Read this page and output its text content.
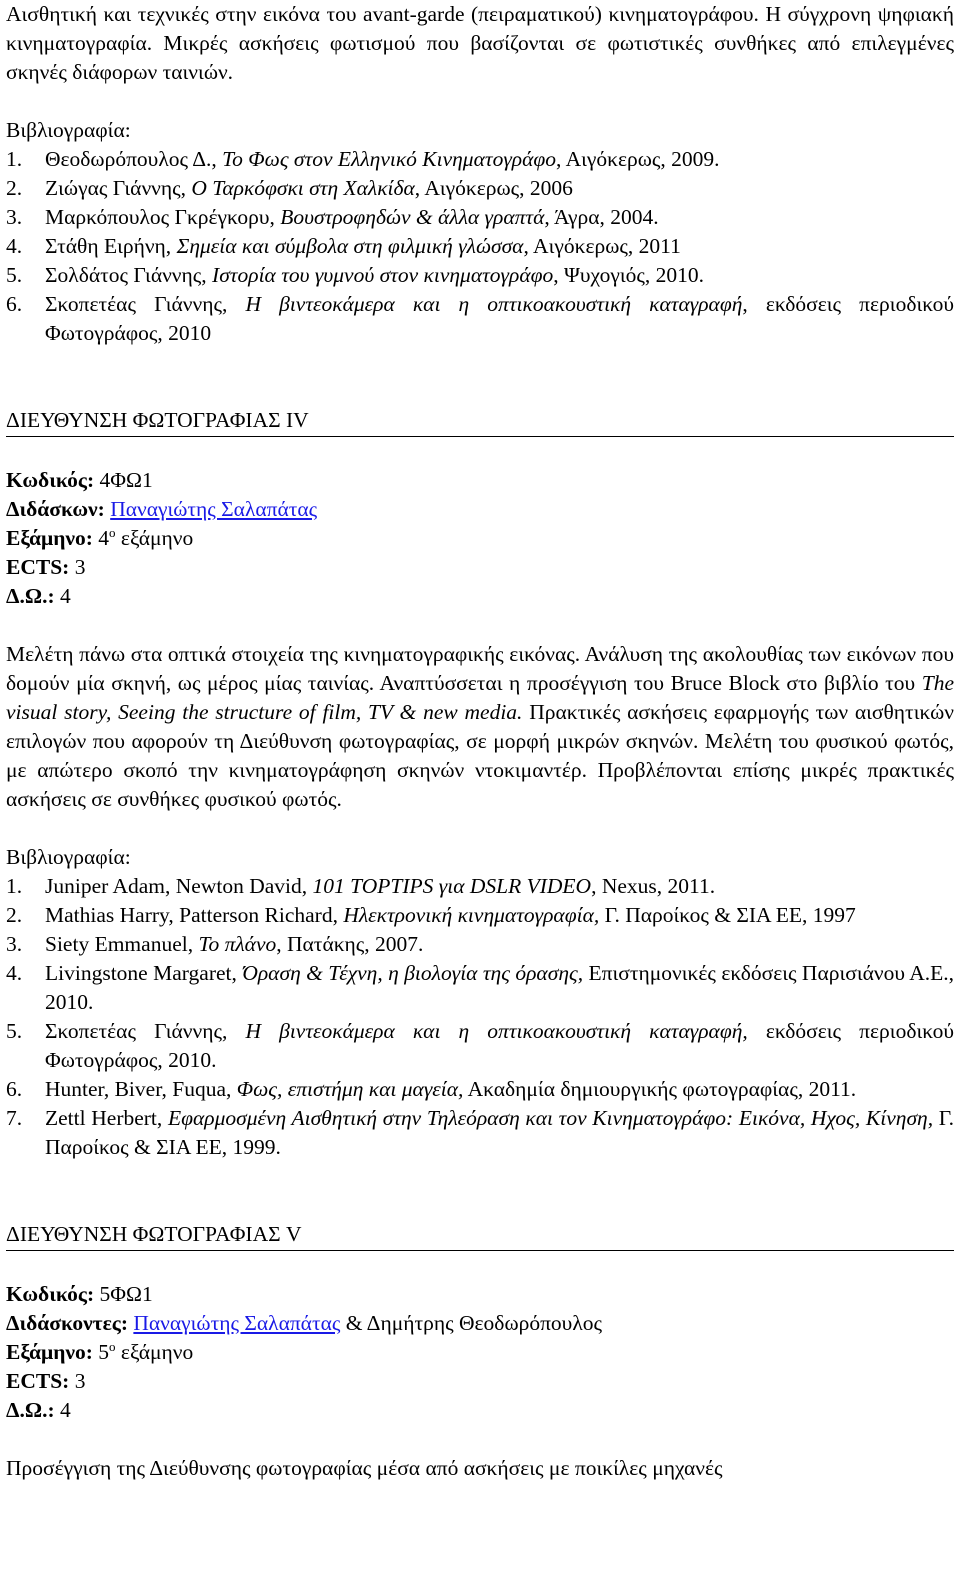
Αισθητική και τεχνικές στην εικόνα του avant-garde (πειραματικού) κινηματογράφου. Η σύγχρονη ψηφιακή κινηματογραφία. Μικρές ασκήσεις φωτισμού που βασίζονται σε φωτιστικές συνθήκες από επιλεγμένες σκηνές διάφορων ταινιών.

Βιβλιογραφία:

1.	Θεοδωρόπουλος Δ., Το Φως στον Ελληνικό Κινηματογράφο, Αιγόκερως, 2009.
2.	Ζιώγας Γιάννης, Ο Ταρκόφσκι στη Χαλκίδα, Αιγόκερως, 2006
3.	Μαρκόπουλος Γκρέγκορυ, Βουστροφηδών & άλλα γραπτά, Άγρα, 2004.
4.	Στάθη Ειρήνη, Σημεία και σύμβολα στη φιλμική γλώσσα, Αιγόκερως, 2011
5.	Σολδάτος Γιάννης, Ιστορία του γυμνού στον κινηματογράφο, Ψυχογιός, 2010.
6.	Σκοπετέας Γιάννης, Η βιντεοκάμερα και η οπτικοακουστική καταγραφή, εκδόσεις περιοδικού Φωτογράφος, 2010

ΔΙΕΥΘΥΝΣΗ ΦΩΤΟΓΡΑΦΙΑΣ IV

Κωδικός: 4ΦΩ1

Διδάσκων: Παναγιώτης Σαλαπάτας

Εξάμηνο: $4^o$ εξάμηνο

ECTS: 3

Δ.Ω.: 4

Μελέτη πάνω στα οπτικά στοιχεία της κινηματογραφικής εικόνας. Ανάλυση της ακολουθίας των εικόνων που δομούν μία σκηνή, ως μέρος μίας ταινίας. Αναπτύσσεται η προσέγγιση του Bruce Block στο βιβλίο του The visual story, Seeing the structure of film, TV & new media. Πρακτικές ασκήσεις εφαρμογής των αισθητικών επιλογών που αφορούν τη Διεύθυνση φωτογραφίας, σε μορφή μικρών σκηνών. Μελέτη του φυσικού φωτός, με απώτερο σκοπό την κινηματογράφηση σκηνών ντοκιμαντέρ. Προβλέπονται επίσης μικρές πρακτικές ασκήσεις σε συνθήκες φυσικού φωτός.

Βιβλιογραφία:

1.	Juniper Adam, Newton David, 101 TOPTIPS για DSLR VIDEO, Nexus, 2011.
2.	Mathias Harry, Patterson Richard, Ηλεκτρονική κινηματογραφία, Γ. Παροίκος & ΣΙΑ ΕΕ, 1997
3.	Siety Emmanuel, Το πλάνο, Πατάκης, 2007.
4.	Livingstone Margaret, Όραση & Τέχνη, η βιολογία της όρασης, Επιστημονικές εκδόσεις Παρισιάνου Α.Ε., 2010.
5.	Σκοπετέας Γιάννης, Η βιντεοκάμερα και η οπτικοακουστική καταγραφή, εκδόσεις περιοδικού Φωτογράφος, 2010.
6.	Hunter, Biver, Fuqua, Φως, επιστήμη και μαγεία, Ακαδημία δημιουργικής φωτογραφίας, 2011.
7.	Zettl Herbert, Εφαρμοσμένη Αισθητική στην Τηλεόραση και τον Κινηματογράφο: Εικόνα, Ηχος, Κίνηση, Γ. Παροίκος & ΣΙΑ ΕΕ, 1999.

ΔΙΕΥΘΥΝΣΗ ΦΩΤΟΓΡΑΦΙΑΣ V

Κωδικός: 5ΦΩ1

Διδάσκοντες: Παναγιώτης Σαλαπάτας & Δημήτρης Θεοδωρόπουλος

Εξάμηνο: $5^o$ εξάμηνο

ECTS: 3

Δ.Ω.: 4

Προσέγγιση της Διεύθυνσης φωτογραφίας μέσα από ασκήσεις με ποικίλες μηχανές
